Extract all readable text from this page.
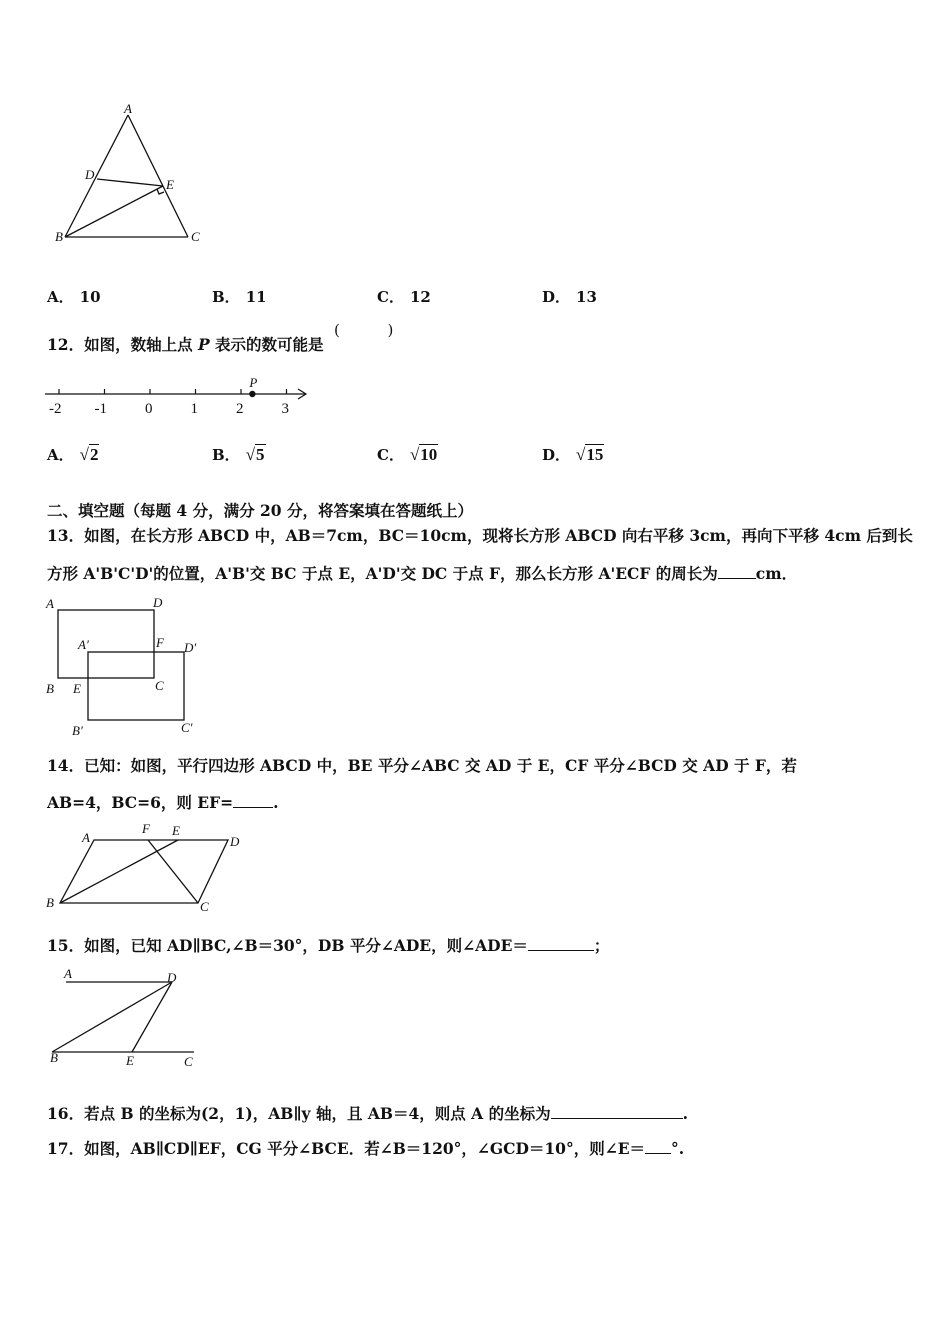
A
D
E
B	C
A． 10	B． 11	C． 12	D． 13
12．如图，数轴上点 P 表示的数可能是
(          )
-2 -1	0	1	2	3
P
A． √2	B． √5	C． √10	D． √15
二、填空题（每题 4 分，满分 20 分，将答案填在答题纸上）
13．如图，在长方形 ABCD 中，AB＝7cm，BC＝10cm，现将长方形 ABCD 向右平移 3cm，再向下平移 4cm 后到长
方形 A'B'C'D'的位置，A'B'交 BC 于点 E，A'D'交 DC 于点 F，那么长方形 A'ECF 的周长为 cm．
A	D
A′	F D′
B E	C
B′	C′
14．已知：如图，平行四边形 ABCD 中，BE 平分∠ABC 交 AD 于 E，CF 平分∠BCD 交 AD 于 F，若
AB=4，BC=6，则 EF=	.
A
F E
D
B	C
15．如图，已知 AD∥BC,∠B＝30°，DB 平分∠ADE，则∠ADE＝	；
A	D
B	E	C
16．若点 B 的坐标为(2，1)，AB∥y 轴，且 AB＝4，则点 A 的坐标为	.
17．如图，AB∥CD∥EF，CG 平分∠BCE．若∠B＝120°，∠GCD＝10°，则∠E＝ °.
